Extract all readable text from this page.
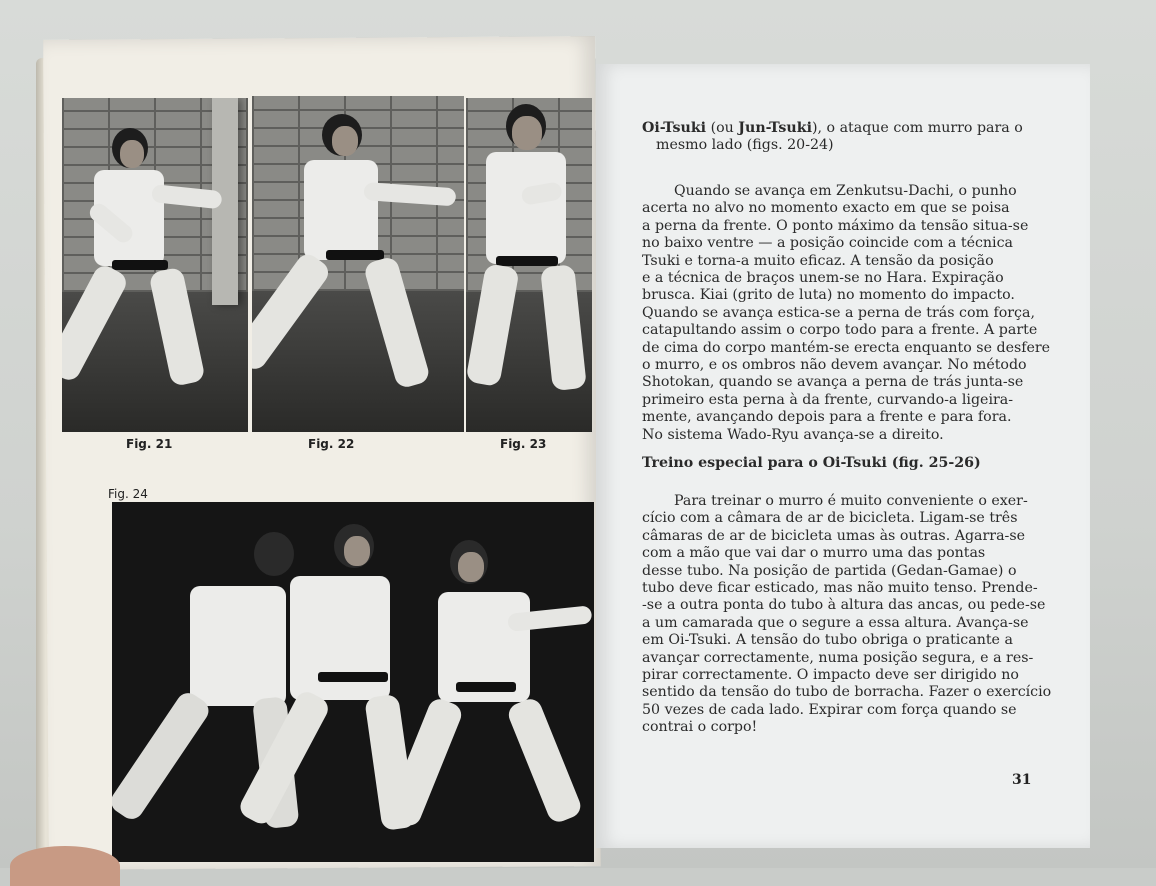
Fig. 21	Fig. 22	Fig. 23
Fig. 24
Oi-Tsuki (ou Jun-Tsuki), o ataque com murro para o
mesmo lado (figs. 20-24)
Quando se avança em Zenkutsu-Dachi, o punho
acerta no alvo no momento exacto em que se poisa
a perna da frente. O ponto máximo da tensão situa-se
no baixo ventre — a posição coincide com a técnica
Tsuki e torna-a muito eficaz. A tensão da posição
e a técnica de braços unem-se no Hara. Expiração
brusca. Kiai (grito de luta) no momento do impacto.
Quando se avança estica-se a perna de trás com força,
catapultando assim o corpo todo para a frente. A parte
de cima do corpo mantém-se erecta enquanto se desfere
o murro, e os ombros não devem avançar. No método
Shotokan, quando se avança a perna de trás junta-se
primeiro esta perna à da frente, curvando-a ligeira-
mente, avançando depois para a frente e para fora.
No sistema Wado-Ryu avança-se a direito.
Treino especial para o Oi-Tsuki (fig. 25-26)
Para treinar o murro é muito conveniente o exer-
cício com a câmara de ar de bicicleta. Ligam-se três
câmaras de ar de bicicleta umas às outras. Agarra-se
com a mão que vai dar o murro uma das pontas
desse tubo. Na posição de partida (Gedan-Gamae) o
tubo deve ficar esticado, mas não muito tenso. Prende-
-se a outra ponta do tubo à altura das ancas, ou pede-se
a um camarada que o segure a essa altura. Avança-se
em Oi-Tsuki. A tensão do tubo obriga o praticante a
avançar correctamente, numa posição segura, e a res-
pirar correctamente. O impacto deve ser dirigido no
sentido da tensão do tubo de borracha. Fazer o exercício
50 vezes de cada lado. Expirar com força quando se
contrai o corpo!
31
